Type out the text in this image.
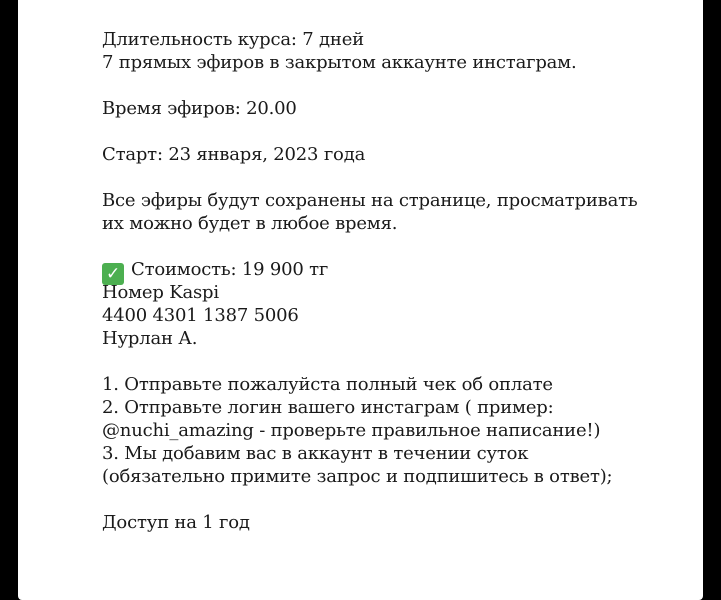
Длительность курса: 7 дней
7 прямых эфиров в закрытом аккаунте инстаграм.
Время эфиров: 20.00
Старт: 23 января, 2023 года
Все эфиры будут сохранены на странице, просматривать
их можно будет в любое время.
✓ Стоимость: 19 900 тг
Номер Kaspi
4400 4301 1387 5006
Нурлан А.
1. Отправьте пожалуйста полный чек об оплате
2. Отправьте логин вашего инстаграм ( пример:
@nuchi_amazing - проверьте правильное написание!)
3. Мы добавим вас в аккаунт в течении суток
(обязательно примите запрос и подпишитесь в ответ);
Доступ на 1 год
